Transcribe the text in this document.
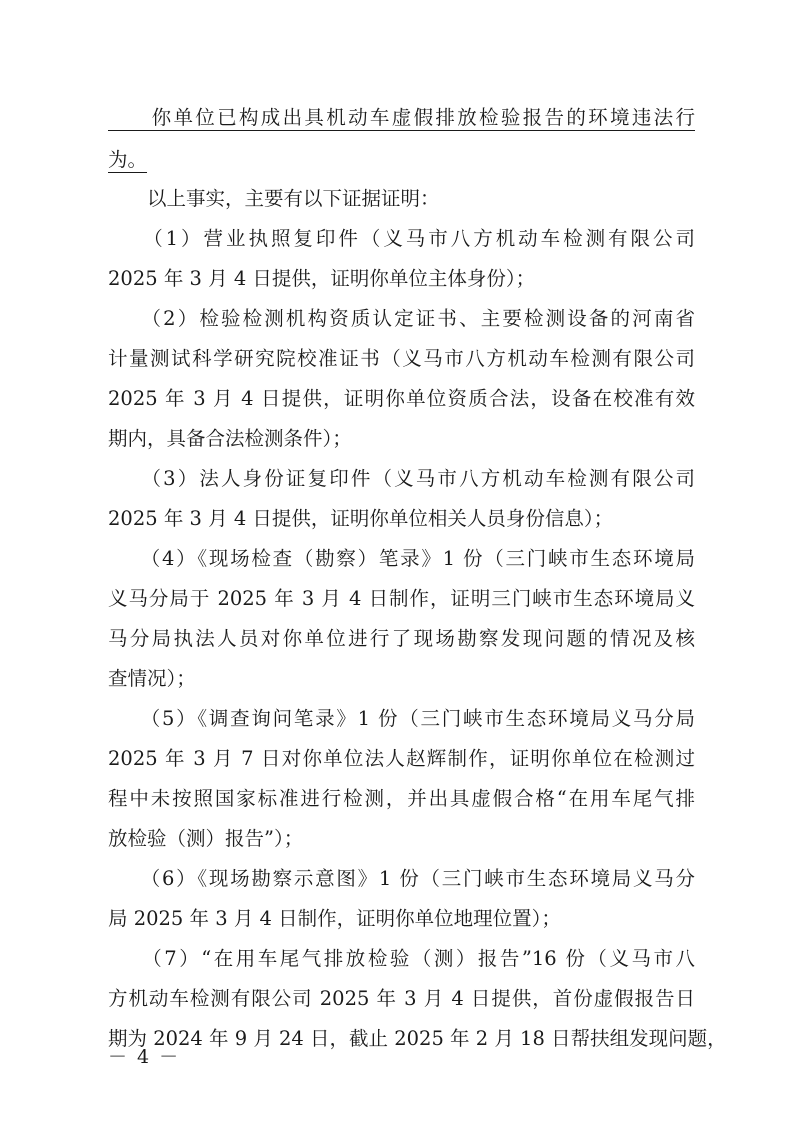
　　你单位已构成出具机动车虚假排放检验报告的环境违法行
为。
　　以上事实，主要有以下证据证明：
　　（1）营业执照复印件（义马市八方机动车检测有限公司
2025 年 3 月 4 日提供，证明你单位主体身份）；
　　（2）检验检测机构资质认定证书、主要检测设备的河南省
计量测试科学研究院校准证书（义马市八方机动车检测有限公司
2025 年 3 月 4 日提供，证明你单位资质合法，设备在校准有效
期内，具备合法检测条件）；
　　（3）法人身份证复印件（义马市八方机动车检测有限公司
2025 年 3 月 4 日提供，证明你单位相关人员身份信息）；
　　（4）《现场检查（勘察）笔录》1 份（三门峡市生态环境局
义马分局于 2025 年 3 月 4 日制作，证明三门峡市生态环境局义
马分局执法人员对你单位进行了现场勘察发现问题的情况及核
查情况）；
　　（5）《调查询问笔录》1 份（三门峡市生态环境局义马分局
2025 年 3 月 7 日对你单位法人赵辉制作，证明你单位在检测过
程中未按照国家标准进行检测，并出具虚假合格“在用车尾气排
放检验（测）报告”）；
　　（6）《现场勘察示意图》1 份（三门峡市生态环境局义马分
局 2025 年 3 月 4 日制作，证明你单位地理位置）；
　　（7）“在用车尾气排放检验（测）报告”16 份（义马市八
方机动车检测有限公司 2025 年 3 月 4 日提供，首份虚假报告日
期为 2024 年 9 月 24 日，截止 2025 年 2 月 18 日帮扶组发现问题，
－ 4 －
